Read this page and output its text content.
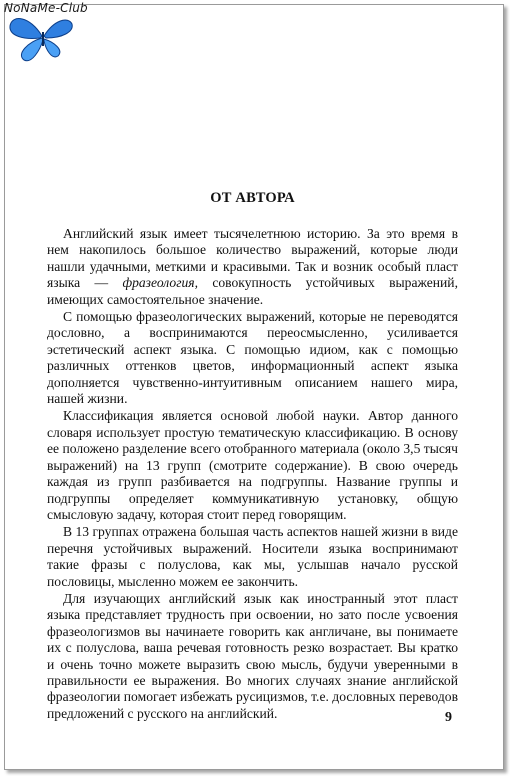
NoNaMe-Club
ОТ АВТОРА

Английский язык имеет тысячелетнюю историю. За это время в нем накопилось большое количество выражений, которые люди нашли удачными, меткими и красивыми. Так и возник особый пласт языка — фразеология, совокупность устойчивых выражений, имеющих самостоятельное значение.

С помощью фразеологических выражений, которые не переводятся дословно, а воспринимаются переосмысленно, усиливается эстетический аспект языка. С помощью идиом, как с помощью различных оттенков цветов, информационный аспект языка дополняется чувственно-интуитивным описанием нашего мира, нашей жизни.

Классификация является основой любой науки. Автор данного словаря использует простую тематическую классификацию. В основу ее положено разделение всего отобранного материала (около 3,5 тысяч выражений) на 13 групп (смотрите содержание). В свою очередь каждая из групп разбивается на подгруппы. Название группы и подгруппы определяет коммуникативную установку, общую смысловую задачу, которая стоит перед говорящим.

В 13 группах отражена большая часть аспектов нашей жизни в виде перечня устойчивых выражений. Носители языка воспринимают такие фразы с полуслова, как мы, услышав начало русской пословицы, мысленно можем ее закончить.

Для изучающих английский язык как иностранный этот пласт языка представляет трудность при освоении, но зато после усвоения фразеологизмов вы начинаете говорить как англичане, вы понимаете их с полуслова, ваша речевая готовность резко возрастает. Вы кратко и очень точно можете выразить свою мысль, будучи уверенными в правильности ее выражения. Во многих случаях знание английской фразеологии помогает избежать русицизмов, т.е. дословных переводов предложений с русского на английский.	9
